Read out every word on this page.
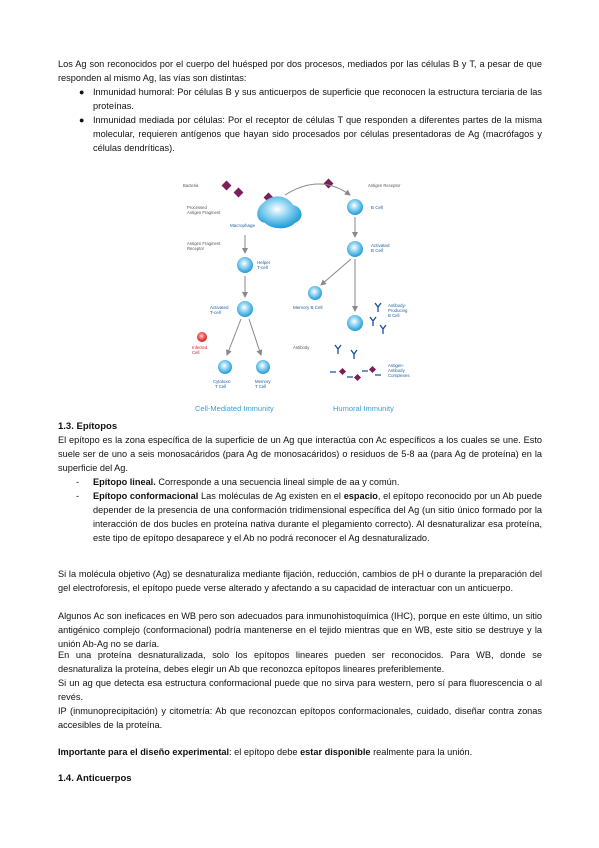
Los Ag son reconocidos por el cuerpo del huésped por dos procesos, mediados por las células B y T, a pesar de que responden al mismo Ag, las vías son distintas:

● Inmunidad humoral: Por células B y sus anticuerpos de superficie que reconocen la estructura terciaria de las proteínas.
● Inmunidad mediada por células: Por el receptor de células T que responden a diferentes partes de la misma molecular, requieren antígenos que hayan sido procesados por células presentadoras de Ag (macrófagos y células dendríticas).
Bacteria	Antigen Receptor
Processed
Antigen Fragment
Macrophage
B Cell
Antigen Fragment
Receptor
Helper
T-cell
Activated
T-cell
Infected
Cell
Cytotoxic
T Cell
Memory
T Cell
Activated
B Cell
Memory B Cell	Antibody-
Producing
B Cell
Antibody
Antigen-
Antibody
Complexes
Cell-Mediated Immunity	Humoral Immunity

1.3. Epítopos

El epítopo es la zona específica de la superficie de un Ag que interactúa con Ac específicos a los cuales se une. Esto suele ser de uno a seis monosacáridos (para Ag de monosacáridos) o residuos de 5-8 aa (para Ag de proteína) en la superficie del Ag.

- Epítopo lineal. Corresponde a una secuencia lineal simple de aa y común.
- Epítopo conformacional Las moléculas de Ag existen en el espacio, el epítopo reconocido por un Ab puede depender de la presencia de una conformación tridimensional específica del Ag (un sitio único formado por la interacción de dos bucles en proteína nativa durante el plegamiento correcto). Al desnaturalizar esa proteína, este tipo de epítopo desaparece y el Ab no podrá reconocer el Ag desnaturalizado.

Si la molécula objetivo (Ag) se desnaturaliza mediante fijación, reducción, cambios de pH o durante la preparación del gel electroforesis, el epítopo puede verse alterado y afectando a su capacidad de interactuar con un anticuerpo.

Algunos Ac son ineficaces en WB pero son adecuados para inmunohistoquímica (IHC), porque en este último, un sitio antigénico complejo (conformacional) podría mantenerse en el tejido mientras que en WB, este sitio se destruye y la unión Ab-Ag no se daría.

En una proteína desnaturalizada, solo los epítopos lineares pueden ser reconocidos. Para WB, donde se desnaturaliza la proteína, debes elegir un Ab que reconozca epítopos lineares preferiblemente.

Si un ag que detecta esa estructura conformacional puede que no sirva para western, pero sí para fluorescencia o al revés.

IP (inmunoprecipitación) y citometría: Ab que reconozcan epítopos conformacionales, cuidado, diseñar contra zonas accesibles de la proteína.

Importante para el diseño experimental: el epítopo debe estar disponible realmente para la unión.

1.4. Anticuerpos
